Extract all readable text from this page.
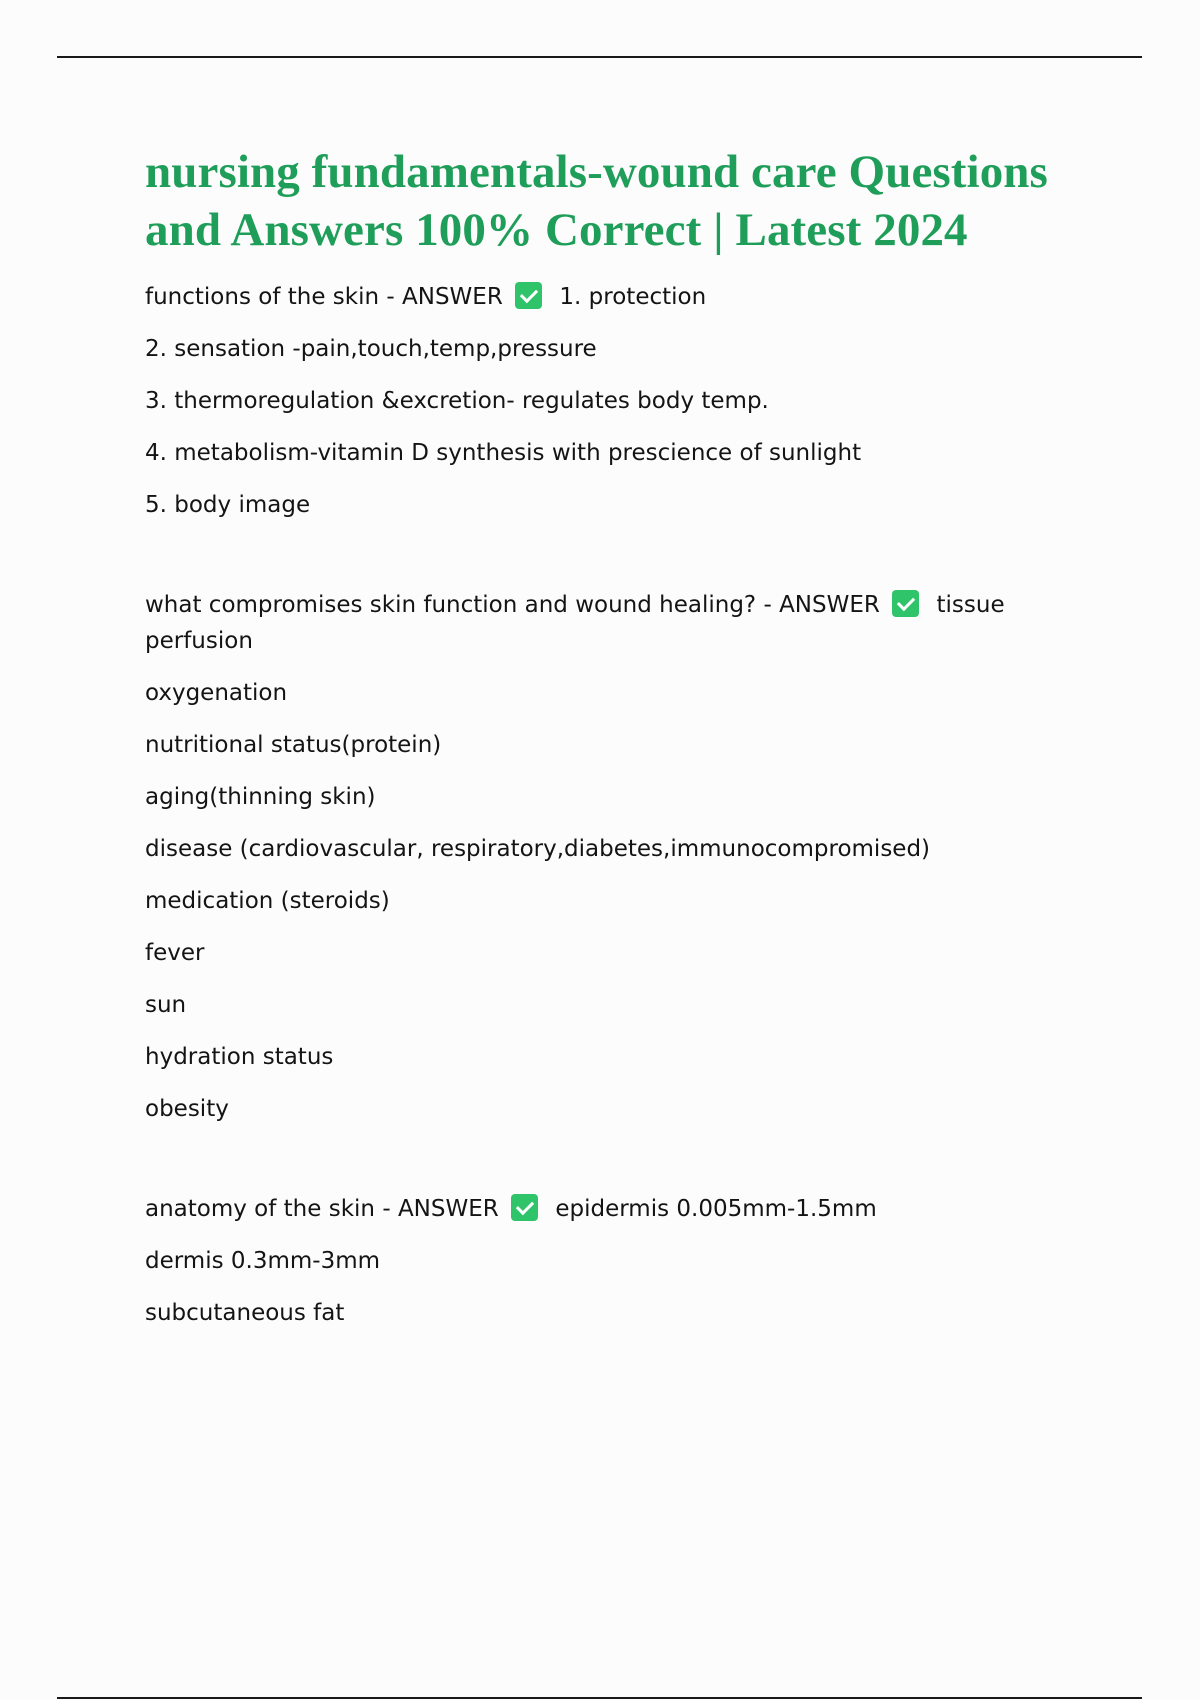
nursing fundamentals-wound care Questions and Answers 100% Correct | Latest 2024

functions of the skin - ANSWER 1. protection

2. sensation -pain,touch,temp,pressure

3. thermoregulation &excretion- regulates body temp.

4. metabolism-vitamin D synthesis with prescience of sunlight

5. body image

what compromises skin function and wound healing? - ANSWER tissue perfusion

oxygenation

nutritional status(protein)

aging(thinning skin)

disease (cardiovascular, respiratory,diabetes,immunocompromised)

medication (steroids)

fever

sun

hydration status

obesity

anatomy of the skin - ANSWER epidermis 0.005mm-1.5mm

dermis 0.3mm-3mm

subcutaneous fat
